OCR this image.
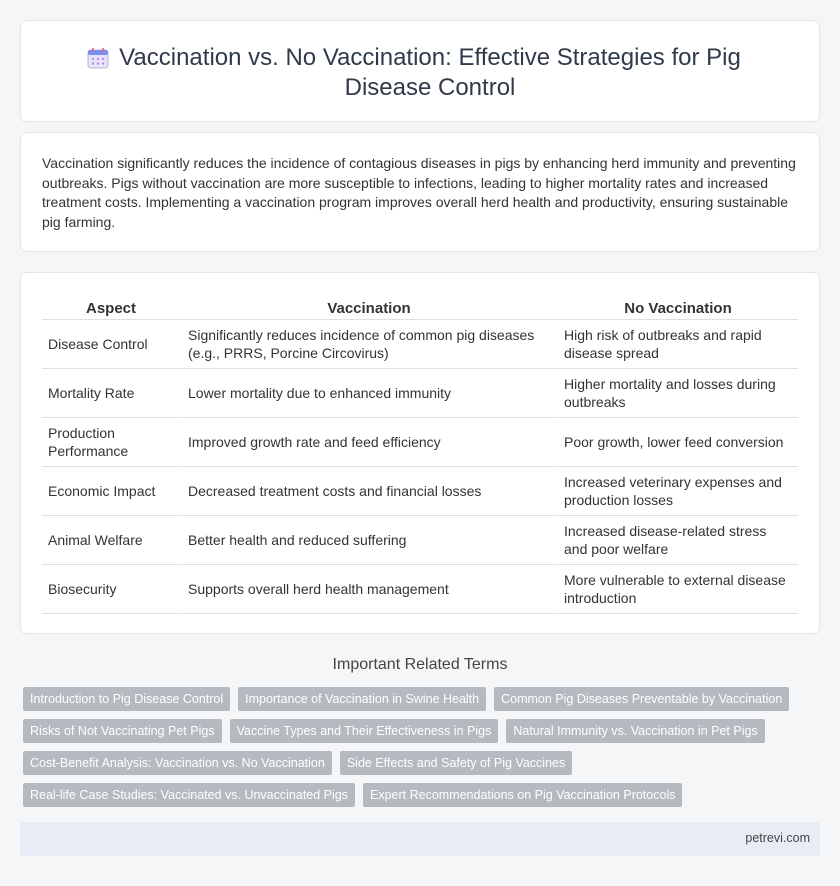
Vaccination vs. No Vaccination: Effective Strategies for Pig Disease Control

Vaccination significantly reduces the incidence of contagious diseases in pigs by enhancing herd immunity and preventing outbreaks. Pigs without vaccination are more susceptible to infections, leading to higher mortality rates and increased treatment costs. Implementing a vaccination program improves overall herd health and productivity, ensuring sustainable pig farming.

Aspect	Vaccination	No Vaccination
Disease Control	Significantly reduces incidence of common pig diseases (e.g., PRRS, Porcine Circovirus)	High risk of outbreaks and rapid disease spread
Mortality Rate	Lower mortality due to enhanced immunity	Higher mortality and losses during outbreaks
Production Performance	Improved growth rate and feed efficiency	Poor growth, lower feed conversion
Economic Impact	Decreased treatment costs and financial losses	Increased veterinary expenses and production losses
Animal Welfare	Better health and reduced suffering	Increased disease-related stress and poor welfare
Biosecurity	Supports overall herd health management	More vulnerable to external disease introduction
Important Related Terms
Introduction to Pig Disease Control	Importance of Vaccination in Swine Health	Common Pig Diseases Preventable by Vaccination
Risks of Not Vaccinating Pet Pigs	Vaccine Types and Their Effectiveness in Pigs	Natural Immunity vs. Vaccination in Pet Pigs
Cost-Benefit Analysis: Vaccination vs. No Vaccination	Side Effects and Safety of Pig Vaccines
Real-life Case Studies: Vaccinated vs. Unvaccinated Pigs	Expert Recommendations on Pig Vaccination Protocols
petrevi.com
